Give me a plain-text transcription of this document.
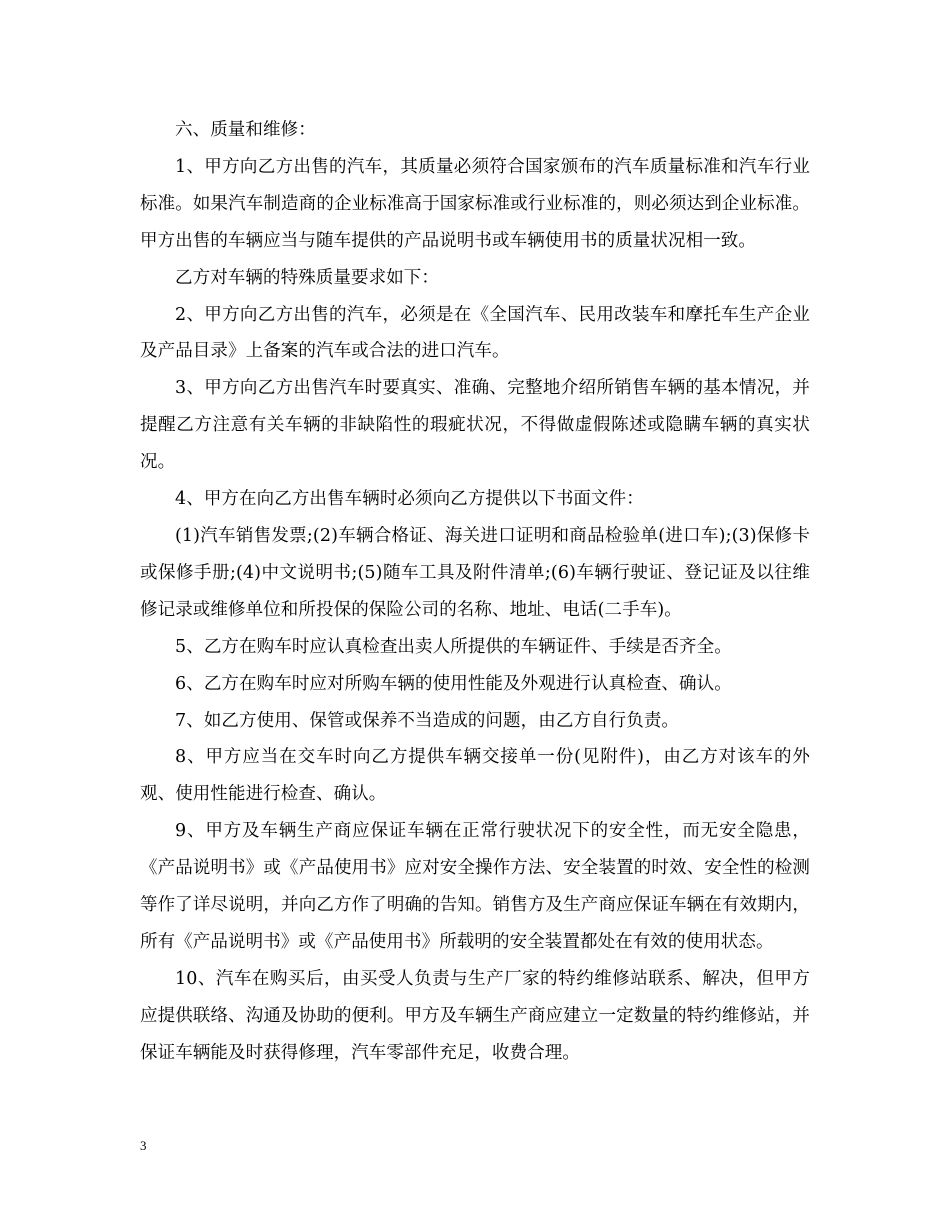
六、质量和维修：

1、甲方向乙方出售的汽车，其质量必须符合国家颁布的汽车质量标准和汽车行业标准。如果汽车制造商的企业标准高于国家标准或行业标准的，则必须达到企业标准。甲方出售的车辆应当与随车提供的产品说明书或车辆使用书的质量状况相一致。

乙方对车辆的特殊质量要求如下：

2、甲方向乙方出售的汽车，必须是在《全国汽车、民用改装车和摩托车生产企业及产品目录》上备案的汽车或合法的进口汽车。

3、甲方向乙方出售汽车时要真实、准确、完整地介绍所销售车辆的基本情况，并提醒乙方注意有关车辆的非缺陷性的瑕疵状况，不得做虚假陈述或隐瞒车辆的真实状况。

4、甲方在向乙方出售车辆时必须向乙方提供以下书面文件：

(1)汽车销售发票;(2)车辆合格证、海关进口证明和商品检验单(进口车);(3)保修卡或保修手册;(4)中文说明书;(5)随车工具及附件清单;(6)车辆行驶证、登记证及以往维修记录或维修单位和所投保的保险公司的名称、地址、电话(二手车)。

5、乙方在购车时应认真检查出卖人所提供的车辆证件、手续是否齐全。

6、乙方在购车时应对所购车辆的使用性能及外观进行认真检查、确认。

7、如乙方使用、保管或保养不当造成的问题，由乙方自行负责。

8、甲方应当在交车时向乙方提供车辆交接单一份(见附件)，由乙方对该车的外观、使用性能进行检查、确认。

9、甲方及车辆生产商应保证车辆在正常行驶状况下的安全性，而无安全隐患，《产品说明书》或《产品使用书》应对安全操作方法、安全装置的时效、安全性的检测等作了详尽说明，并向乙方作了明确的告知。销售方及生产商应保证车辆在有效期内，所有《产品说明书》或《产品使用书》所载明的安全装置都处在有效的使用状态。

10、汽车在购买后，由买受人负责与生产厂家的特约维修站联系、解决，但甲方应提供联络、沟通及协助的便利。甲方及车辆生产商应建立一定数量的特约维修站，并保证车辆能及时获得修理，汽车零部件充足，收费合理。

3
